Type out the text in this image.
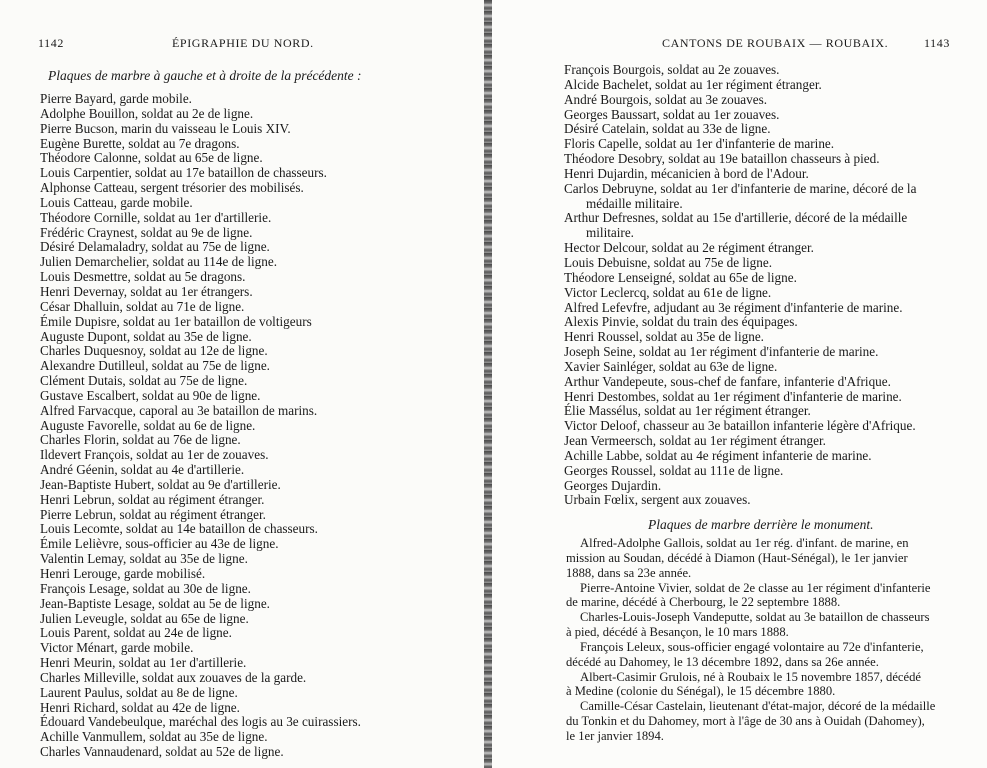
1142	ÉPIGRAPHIE DU NORD.
Plaques de marbre à gauche et à droite de la précédente :
Pierre Bayard, garde mobile.
Adolphe Bouillon, soldat au 2e de ligne.
Pierre Bucson, marin du vaisseau le Louis XIV.
Eugène Burette, soldat au 7e dragons.
Théodore Calonne, soldat au 65e de ligne.
Louis Carpentier, soldat au 17e bataillon de chasseurs.
Alphonse Catteau, sergent trésorier des mobilisés.
Louis Catteau, garde mobile.
Théodore Cornille, soldat au 1er d'artillerie.
Frédéric Craynest, soldat au 9e de ligne.
Désiré Delamaladry, soldat au 75e de ligne.
Julien Demarchelier, soldat au 114e de ligne.
Louis Desmettre, soldat au 5e dragons.
Henri Devernay, soldat au 1er étrangers.
César Dhalluin, soldat au 71e de ligne.
Émile Dupisre, soldat au 1er bataillon de voltigeurs
Auguste Dupont, soldat au 35e de ligne.
Charles Duquesnoy, soldat au 12e de ligne.
Alexandre Dutilleul, soldat au 75e de ligne.
Clément Dutais, soldat au 75e de ligne.
Gustave Escalbert, soldat au 90e de ligne.
Alfred Farvacque, caporal au 3e bataillon de marins.
Auguste Favorelle, soldat au 6e de ligne.
Charles Florin, soldat au 76e de ligne.
Ildevert François, soldat au 1er de zouaves.
André Géenin, soldat au 4e d'artillerie.
Jean-Baptiste Hubert, soldat au 9e d'artillerie.
Henri Lebrun, soldat au régiment étranger.
Pierre Lebrun, soldat au régiment étranger.
Louis Lecomte, soldat au 14e bataillon de chasseurs.
Émile Lelièvre, sous-officier au 43e de ligne.
Valentin Lemay, soldat au 35e de ligne.
Henri Lerouge, garde mobilisé.
François Lesage, soldat au 30e de ligne.
Jean-Baptiste Lesage, soldat au 5e de ligne.
Julien Leveugle, soldat au 65e de ligne.
Louis Parent, soldat au 24e de ligne.
Victor Ménart, garde mobile.
Henri Meurin, soldat au 1er d'artillerie.
Charles Milleville, soldat aux zouaves de la garde.
Laurent Paulus, soldat au 8e de ligne.
Henri Richard, soldat au 42e de ligne.
Édouard Vandebeulque, maréchal des logis au 3e cuirassiers.
Achille Vanmullem, soldat au 35e de ligne.
Charles Vannaudenard, soldat au 52e de ligne.
CANTONS DE ROUBAIX — ROUBAIX.	1143
François Bourgois, soldat au 2e zouaves.
Alcide Bachelet, soldat au 1er régiment étranger.
André Bourgois, soldat au 3e zouaves.
Georges Baussart, soldat au 1er zouaves.
Désiré Catelain, soldat au 33e de ligne.
Floris Capelle, soldat au 1er d'infanterie de marine.
Théodore Desobry, soldat au 19e bataillon chasseurs à pied.
Henri Dujardin, mécanicien à bord de l'Adour.
Carlos Debruyne, soldat au 1er d'infanterie de marine, décoré de la
médaille militaire.
Arthur Defresnes, soldat au 15e d'artillerie, décoré de la médaille
militaire.
Hector Delcour, soldat au 2e régiment étranger.
Louis Debuisne, soldat au 75e de ligne.
Théodore Lenseigné, soldat au 65e de ligne.
Victor Leclercq, soldat au 61e de ligne.
Alfred Lefevfre, adjudant au 3e régiment d'infanterie de marine.
Alexis Pinvie, soldat du train des équipages.
Henri Roussel, soldat au 35e de ligne.
Joseph Seine, soldat au 1er régiment d'infanterie de marine.
Xavier Sainléger, soldat au 63e de ligne.
Arthur Vandepeute, sous-chef de fanfare, infanterie d'Afrique.
Henri Destombes, soldat au 1er régiment d'infanterie de marine.
Élie Massélus, soldat au 1er régiment étranger.
Victor Deloof, chasseur au 3e bataillon infanterie légère d'Afrique.
Jean Vermeersch, soldat au 1er régiment étranger.
Achille Labbe, soldat au 4e régiment infanterie de marine.
Georges Roussel, soldat au 111e de ligne.
Georges Dujardin.
Urbain Fœlix, sergent aux zouaves.
Plaques de marbre derrière le monument.
Alfred-Adolphe Gallois, soldat au 1er rég. d'infant. de marine, en
mission au Soudan, décédé à Diamon (Haut-Sénégal), le 1er janvier
1888, dans sa 23e année.
Pierre-Antoine Vivier, soldat de 2e classe au 1er régiment d'infanterie
de marine, décédé à Cherbourg, le 22 septembre 1888.
Charles-Louis-Joseph Vandeputte, soldat au 3e bataillon de chasseurs
à pied, décédé à Besançon, le 10 mars 1888.
François Leleux, sous-officier engagé volontaire au 72e d'infanterie,
décédé au Dahomey, le 13 décembre 1892, dans sa 26e année.
Albert-Casimir Grulois, né à Roubaix le 15 novembre 1857, décédé
à Medine (colonie du Sénégal), le 15 décembre 1880.
Camille-César Castelain, lieutenant d'état-major, décoré de la médaille
du Tonkin et du Dahomey, mort à l'âge de 30 ans à Ouidah (Dahomey),
le 1er janvier 1894.
